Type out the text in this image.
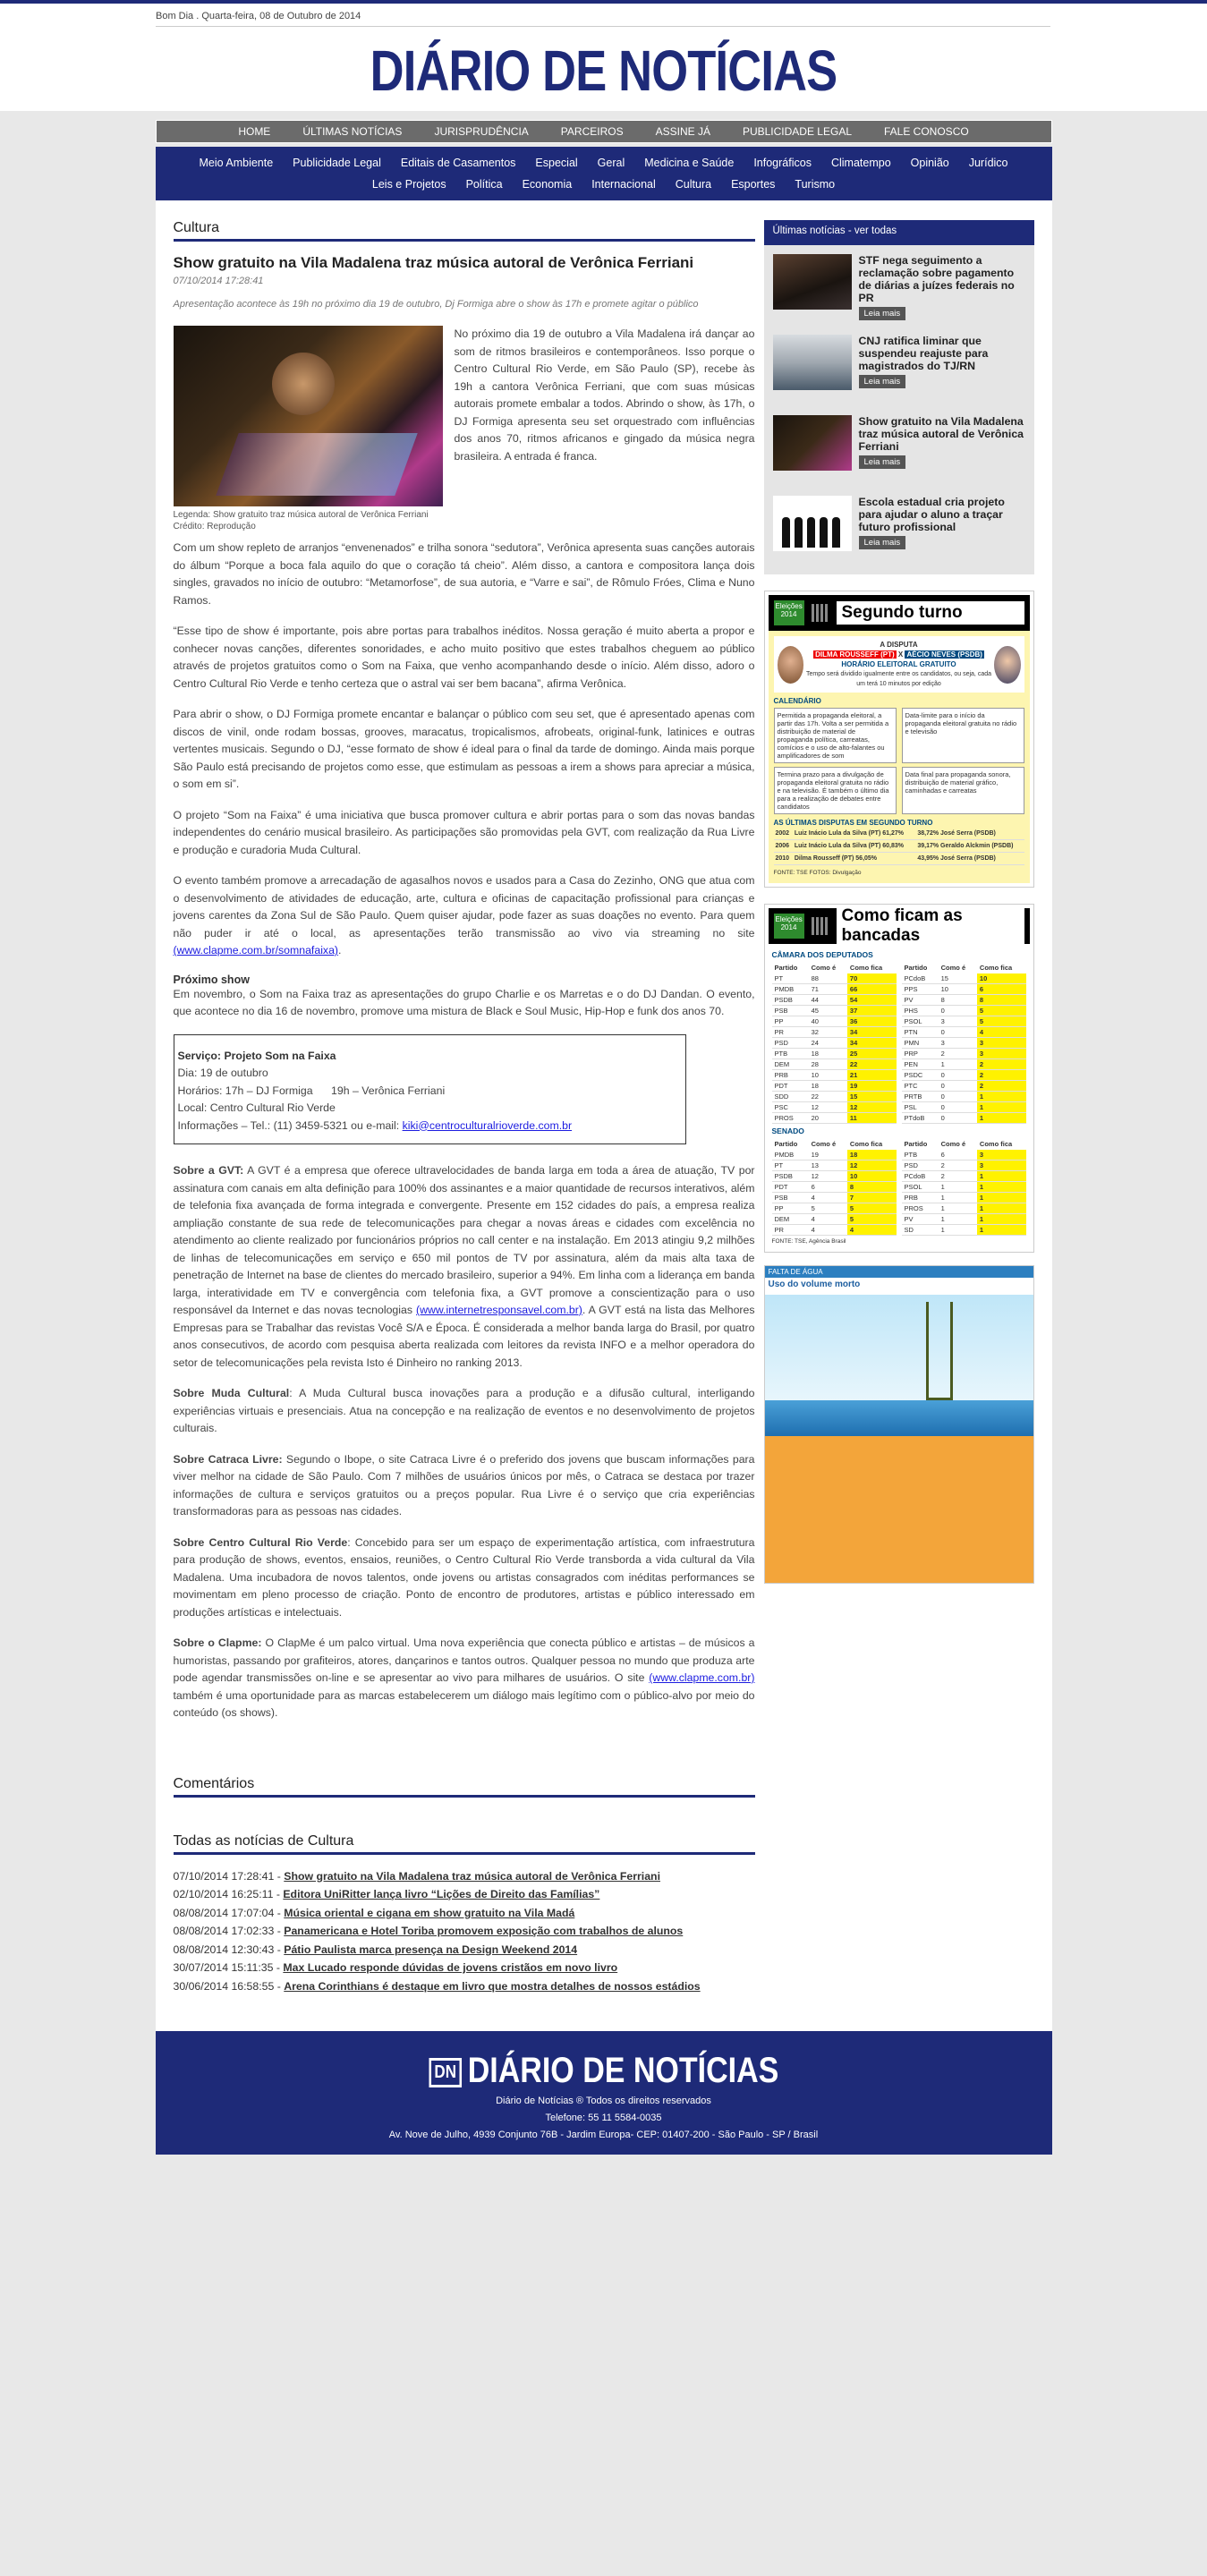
Bom Dia . Quarta-feira, 08 de Outubro de 2014
DIÁRIO DE NOTÍCIAS
HOME	ÚLTIMAS NOTÍCIAS	JURISPRUDÊNCIA	PARCEIROS	ASSINE JÁ	PUBLICIDADE LEGAL	FALE CONOSCO
Meio Ambiente Publicidade Legal Editais de Casamentos Especial Geral Medicina e Saúde Infográficos Climatempo Opinião JurídicoLeis e Projetos Política Economia Internacional Cultura Esportes Turismo
Cultura
Show gratuito na Vila Madalena traz música autoral de Verônica Ferriani
07/10/2014 17:28:41
Apresentação acontece às 19h no próximo dia 19 de outubro, Dj Formiga abre o show às 17h e promete agitar o público
Legenda: Show gratuito traz música autoral de Verônica Ferriani
Crédito: Reprodução

No próximo dia 19 de outubro a Vila Madalena irá dançar ao som de ritmos brasileiros e contemporâneos. Isso porque o Centro Cultural Rio Verde, em São Paulo (SP), recebe às 19h a cantora Verônica Ferriani, que com suas músicas autorais promete embalar a todos. Abrindo o show, às 17h, o DJ Formiga apresenta seu set orquestrado com influências dos anos 70, ritmos africanos e gingado da música negra brasileira. A entrada é franca.

Com um show repleto de arranjos “envenenados” e trilha sonora “sedutora”, Verônica apresenta suas canções autorais do álbum “Porque a boca fala aquilo do que o coração tá cheio”. Além disso, a cantora e compositora lança dois singles, gravados no início de outubro: “Metamorfose”, de sua autoria, e “Varre e sai”, de Rômulo Fróes, Clima e Nuno Ramos.

“Esse tipo de show é importante, pois abre portas para trabalhos inéditos. Nossa geração é muito aberta a propor e conhecer novas canções, diferentes sonoridades, e acho muito positivo que estes trabalhos cheguem ao público através de projetos gratuitos como o Som na Faixa, que venho acompanhando desde o início. Além disso, adoro o Centro Cultural Rio Verde e tenho certeza que o astral vai ser bem bacana”, afirma Verônica.

Para abrir o show, o DJ Formiga promete encantar e balançar o público com seu set, que é apresentado apenas com discos de vinil, onde rodam bossas, grooves, maracatus, tropicalismos, afrobeats, original-funk, latinices e outras vertentes musicais. Segundo o DJ, “esse formato de show é ideal para o final da tarde de domingo. Ainda mais porque São Paulo está precisando de projetos como esse, que estimulam as pessoas a irem a shows para apreciar a música, o som em si”.

O projeto “Som na Faixa” é uma iniciativa que busca promover cultura e abrir portas para o som das novas bandas independentes do cenário musical brasileiro. As participações são promovidas pela GVT, com realização da Rua Livre e produção e curadoria Muda Cultural.

O evento também promove a arrecadação de agasalhos novos e usados para a Casa do Zezinho, ONG que atua com o desenvolvimento de atividades de educação, arte, cultura e oficinas de capacitação profissional para crianças e jovens carentes da Zona Sul de São Paulo. Quem quiser ajudar, pode fazer as suas doações no evento. Para quem não puder ir até o local, as apresentações terão transmissão ao vivo via streaming no site (www.clapme.com.br/somnafaixa).

Próximo show

Em novembro, o Som na Faixa traz as apresentações do grupo Charlie e os Marretas e o do DJ Dandan. O evento, que acontece no dia 16 de novembro, promove uma mistura de Black e Soul Music, Hip-Hop e funk dos anos 70.

Serviço: Projeto Som na Faixa
Dia: 19 de outubro
Horários: 17h – DJ Formiga      19h – Verônica Ferriani
Local: Centro Cultural Rio Verde
Informações – Tel.: (11) 3459-5321 ou e-mail: kiki@centroculturalrioverde.com.br

Sobre a GVT: A GVT é a empresa que oferece ultravelocidades de banda larga em toda a área de atuação, TV por assinatura com canais em alta definição para 100% dos assinantes e a maior quantidade de recursos interativos, além de telefonia fixa avançada de forma integrada e convergente. Presente em 152 cidades do país, a empresa realiza ampliação constante de sua rede de telecomunicações para chegar a novas áreas e cidades com excelência no atendimento ao cliente realizado por funcionários próprios no call center e na instalação. Em 2013 atingiu 9,2 milhões de linhas de telecomunicações em serviço e 650 mil pontos de TV por assinatura, além da mais alta taxa de penetração de Internet na base de clientes do mercado brasileiro, superior a 94%. Em linha com a liderança em banda larga, interatividade em TV e convergência com telefonia fixa, a GVT promove a conscientização para o uso responsável da Internet e das novas tecnologias (www.internetresponsavel.com.br). A GVT está na lista das Melhores Empresas para se Trabalhar das revistas Você S/A e Época. É considerada a melhor banda larga do Brasil, por quatro anos consecutivos, de acordo com pesquisa aberta realizada com leitores da revista INFO e a melhor operadora do setor de telecomunicações pela revista Isto é Dinheiro no ranking 2013.

Sobre Muda Cultural: A Muda Cultural busca inovações para a produção e a difusão cultural, interligando experiências virtuais e presenciais. Atua na concepção e na realização de eventos e no desenvolvimento de projetos culturais.

Sobre Catraca Livre: Segundo o Ibope, o site Catraca Livre é o preferido dos jovens que buscam informações para viver melhor na cidade de São Paulo. Com 7 milhões de usuários únicos por mês, o Catraca se destaca por trazer informações de cultura e serviços gratuitos ou a preços popular. Rua Livre é o serviço que cria experiências transformadoras para as pessoas nas cidades.

Sobre Centro Cultural Rio Verde: Concebido para ser um espaço de experimentação artística, com infraestrutura para produção de shows, eventos, ensaios, reuniões, o Centro Cultural Rio Verde transborda a vida cultural da Vila Madalena. Uma incubadora de novos talentos, onde jovens ou artistas consagrados com inéditas performances se movimentam em pleno processo de criação. Ponto de encontro de produtores, artistas e público interessado em produções artísticas e intelectuais.

Sobre o Clapme: O ClapMe é um palco virtual. Uma nova experiência que conecta público e artistas – de músicos a humoristas, passando por grafiteiros, atores, dançarinos e tantos outros. Qualquer pessoa no mundo que produza arte pode agendar transmissões on-line e se apresentar ao vivo para milhares de usuários. O site (www.clapme.com.br) também é uma oportunidade para as marcas estabelecerem um diálogo mais legítimo com o público-alvo por meio do conteúdo (os shows).

Comentários
Todas as notícias de Cultura
07/10/2014 17:28:41 - Show gratuito na Vila Madalena traz música autoral de Verônica Ferriani
02/10/2014 16:25:11 - Editora UniRitter lança livro “Lições de Direito das Famílias”
08/08/2014 17:07:04 - Música oriental e cigana em show gratuito na Vila Madá
08/08/2014 17:02:33 - Panamericana e Hotel Toriba promovem exposição com trabalhos de alunos
08/08/2014 12:30:43 - Pátio Paulista marca presença na Design Weekend 2014
30/07/2014 15:11:35 - Max Lucado responde dúvidas de jovens cristãos em novo livro
30/06/2014 16:58:55 - Arena Corinthians é destaque em livro que mostra detalhes de nossos estádios
Últimas notícias - ver todas
STF nega seguimento a reclamação sobre pagamento de diárias a juízes federais no PR
Leia mais
CNJ ratifica liminar que suspendeu reajuste para magistrados do TJ/RN
Leia mais
Show gratuito na Vila Madalena traz música autoral de Verônica Ferriani
Leia mais
Escola estadual cria projeto para ajudar o aluno a traçar futuro profissional
Leia mais
Eleições 2014	Segundo turno
A DISPUTA
DILMA ROUSSEFF (PT) X AÉCIO NEVES (PSDB)
HORÁRIO ELEITORAL GRATUITO
Tempo será dividido igualmente entre os candidatos, ou seja, cada um terá 10 minutos por edição
CALENDÁRIO
Permitida a propaganda eleitoral, a partir das 17h. Volta a ser permitida a distribuição de material de propaganda política, carreatas, comícios e o uso de alto-falantes ou amplificadores de som
Data-limite para o início da propaganda eleitoral gratuita no rádio e televisão
Termina prazo para a divulgação de propaganda eleitoral gratuita no rádio e na televisão. É também o último dia para a realização de debates entre candidatos
Data final para propaganda sonora, distribuição de material gráfico, caminhadas e carreatas
AS ÚLTIMAS DISPUTAS EM SEGUNDO TURNO
2002	Luiz Inácio Lula da Silva (PT) 61,27%	38,72% José Serra (PSDB)
2006	Luiz Inácio Lula da Silva (PT) 60,83%	39,17% Geraldo Alckmin (PSDB)
2010	Dilma Rousseff (PT) 56,05%	43,95% José Serra (PSDB)
FONTE: TSE FOTOS: Divulgação
Eleições 2014
Como ficam as bancadas
CÂMARA DOS DEPUTADOS
Partido	Como é	Como fica
PT	88	70
PMDB	71	66
PSDB	44	54
PSB	45	37
PP	40	36
PR	32	34
PSD	24	34
PTB	18	25
DEM	28	22
PRB	10	21
PDT	18	19
SDD	22	15
PSC	12	12
PROS	20	11
Partido	Como é	Como fica
PCdoB	15	10
PPS	10	6
PV	8	8
PHS	0	5
PSOL	3	5
PTN	0	4
PMN	3	3
PRP	2	3
PEN	1	2
PSDC	0	2
PTC	0	2
PRTB	0	1
PSL	0	1
PTdoB	0	1
SENADO
Partido	Como é	Como fica
PMDB	19	18
PT	13	12
PSDB	12	10
PDT	6	8
PSB	4	7
PP	5	5
DEM	4	5
PR	4	4
Partido	Como é	Como fica
PTB	6	3
PSD	2	3
PCdoB	2	1
PSOL	1	1
PRB	1	1
PROS	1	1
PV	1	1
SD	1	1
FONTE: TSE, Agência Brasil
FALTA DE ÁGUA
Uso do volume morto
DN DIÁRIO DE NOTÍCIAS
Diário de Notícias ® Todos os direitos reservados
Telefone: 55 11 5584-0035
Av. Nove de Julho, 4939 Conjunto 76B - Jardim Europa- CEP: 01407-200 - São Paulo - SP / Brasil
